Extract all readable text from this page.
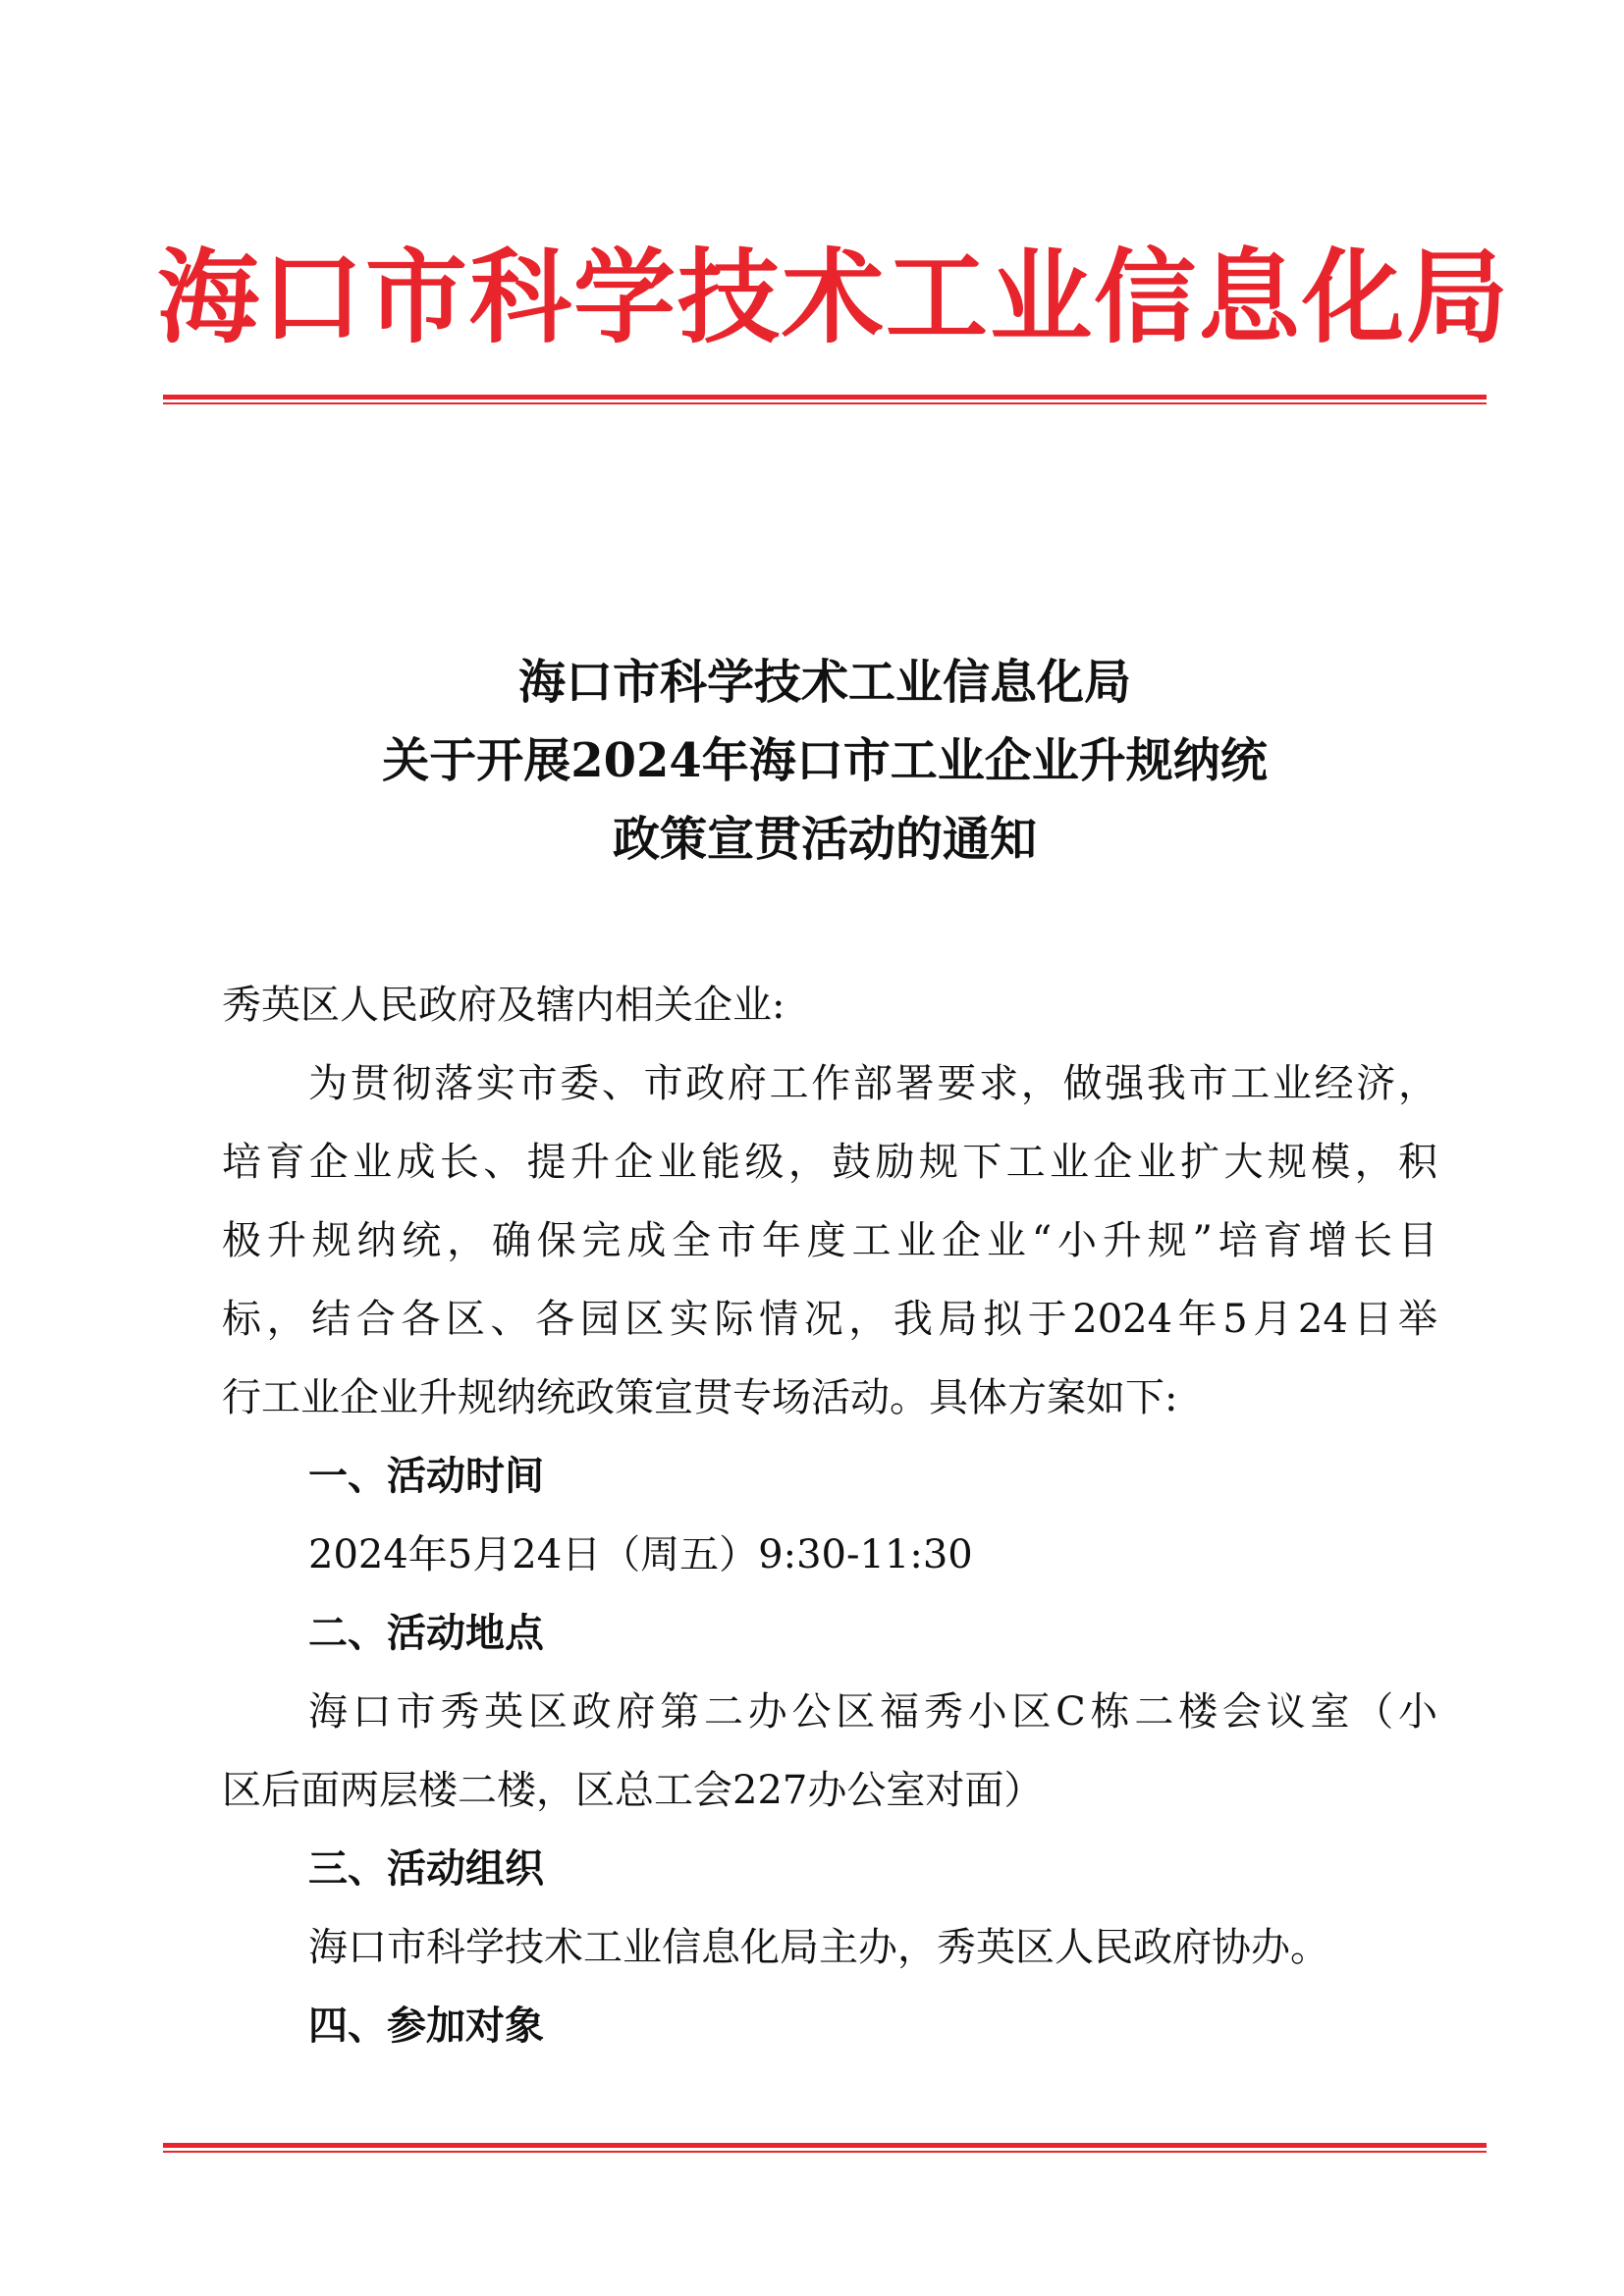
海口市科学技术工业信息化局
海口市科学技术工业信息化局
关于开展2024年海口市工业企业升规纳统
政策宣贯活动的通知
秀英区人民政府及辖内相关企业:
为贯彻落实市委、市政府工作部署要求，做强我市工业经济，
培育企业成长、提升企业能级，鼓励规下工业企业扩大规模，积
极升规纳统，确保完成全市年度工业企业“小升规”培育增长目
标，结合各区、各园区实际情况，我局拟于2024年5月24日举
行工业企业升规纳统政策宣贯专场活动。具体方案如下:
一、活动时间
2024年5月24日（周五）9:30-11:30
二、活动地点
海口市秀英区政府第二办公区福秀小区C栋二楼会议室（小
区后面两层楼二楼，区总工会227办公室对面）
三、活动组织
海口市科学技术工业信息化局主办，秀英区人民政府协办。
四、参加对象
